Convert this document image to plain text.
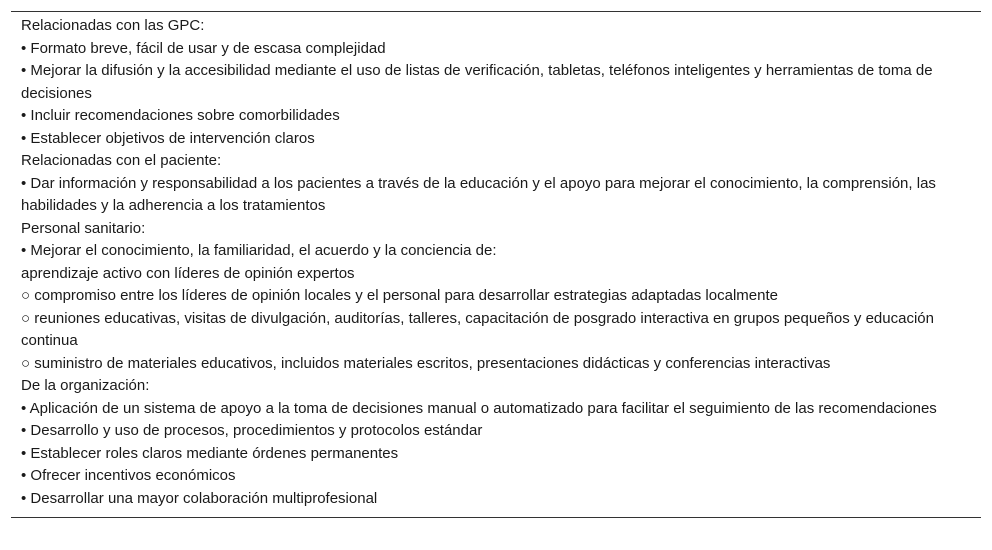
Relacionadas con las GPC:
• Formato breve, fácil de usar y de escasa complejidad
• Mejorar la difusión y la accesibilidad mediante el uso de listas de verificación, tabletas, teléfonos inteligentes y herramientas de toma de decisiones
• Incluir recomendaciones sobre comorbilidades
• Establecer objetivos de intervención claros
Relacionadas con el paciente:
• Dar información y responsabilidad a los pacientes a través de la educación y el apoyo para mejorar el conocimiento, la comprensión, las habilidades y la adherencia a los tratamientos
Personal sanitario:
• Mejorar el conocimiento, la familiaridad, el acuerdo y la conciencia de:
aprendizaje activo con líderes de opinión expertos
○ compromiso entre los líderes de opinión locales y el personal para desarrollar estrategias adaptadas localmente
○ reuniones educativas, visitas de divulgación, auditorías, talleres, capacitación de posgrado interactiva en grupos pequeños y educación continua
○ suministro de materiales educativos, incluidos materiales escritos, presentaciones didácticas y conferencias interactivas
De la organización:
• Aplicación de un sistema de apoyo a la toma de decisiones manual o automatizado para facilitar el seguimiento de las recomendaciones
• Desarrollo y uso de procesos, procedimientos y protocolos estándar
• Establecer roles claros mediante órdenes permanentes
• Ofrecer incentivos económicos
• Desarrollar una mayor colaboración multiprofesional
